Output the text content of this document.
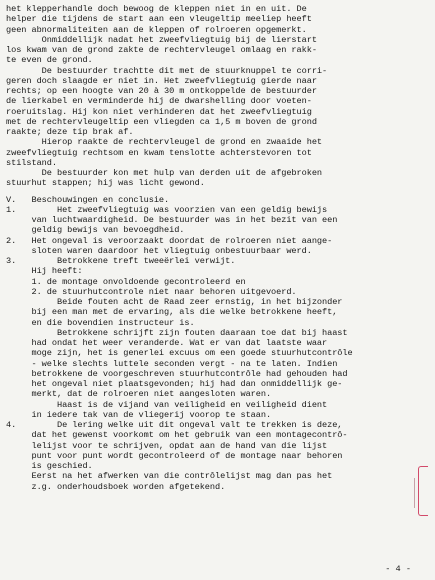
het klepperhandle doch bewoog de kleppen niet in en uit. De
helper die tijdens de start aan een vleugeltip meeliep heeft
geen abnormaliteiten aan de kleppen of rolroeren opgemerkt.
Onmiddellijk nadat het zweefvliegtuig bij de lierstart
los kwam van de grond zakte de rechtervleugel omlaag en rakk-
te even de grond.
De bestuurder trachtte dit met de stuurknuppel te corri-
geren doch slaagde er niet in. Het zweefvliegtuig gierde naar
rechts; op een hoogte van 20 à 30 m ontkoppelde de bestuurder
de lierkabel en verminderde hij de dwarshelling door voeten-
roeruitslag. Hij kon niet verhinderen dat het zweefvliegtuig
met de rechtervleugeltip een vliegden ca 1,5 m boven de grond
raakte; deze tip brak af.
Hierop raakte de rechtervleugel de grond en zwaaide het
zweefvliegtuig rechtsom en kwam tenslotte achterstevoren tot
stilstand.
De bestuurder kon met hulp van derden uit de afgebroken
stuurhut stappen; hij was licht gewond.
V.   Beschouwingen en conclusie.
1.        Het zweefvliegtuig was voorzien van een geldig bewijs
van luchtwaardigheid. De bestuurder was in het bezit van een
geldig bewijs van bevoegdheid.
2.   Het ongeval is veroorzaakt doordat de rolroeren niet aange-
sloten waren daardoor het vliegtuig onbestuurbaar werd.
3.        Betrokkene treft tweeërlei verwijt.
Hij heeft:
1. de montage onvoldoende gecontroleerd en
2. de stuurhutcontrole niet naar behoren uitgevoerd.
Beide fouten acht de Raad zeer ernstig, in het bijzonder
bij een man met de ervaring, als die welke betrokkene heeft,
en die bovendien instructeur is.
Betrokkene schrijft zijn fouten daaraan toe dat bij haast
had ondat het weer veranderde. Wat er van dat laatste waar
moge zijn, het is generlei excuus om een goede stuurhutcontrôle
- welke slechts luttele seconden vergt - na te laten. Indien
betrokkene de voorgeschreven stuurhutcontrôle had gehouden had
het ongeval niet plaatsgevonden; hij had dan onmiddellijk ge-
merkt, dat de rolroeren niet aangesloten waren.
Haast is de vijand van veiligheid en veiligheid dient
in iedere tak van de vliegerij voorop te staan.
4.        De lering welke uit dit ongeval valt te trekken is deze,
dat het gewenst voorkomt om het gebruik van een montagecontrô-
lelijst voor te schrijven, opdat aan de hand van die lijst
punt voor punt wordt gecontroleerd of de montage naar behoren
is geschied.
Eerst na het afwerken van die contrôlelijst mag dan pas het
z.g. onderhoudsboek worden afgetekend.
- 4 -
